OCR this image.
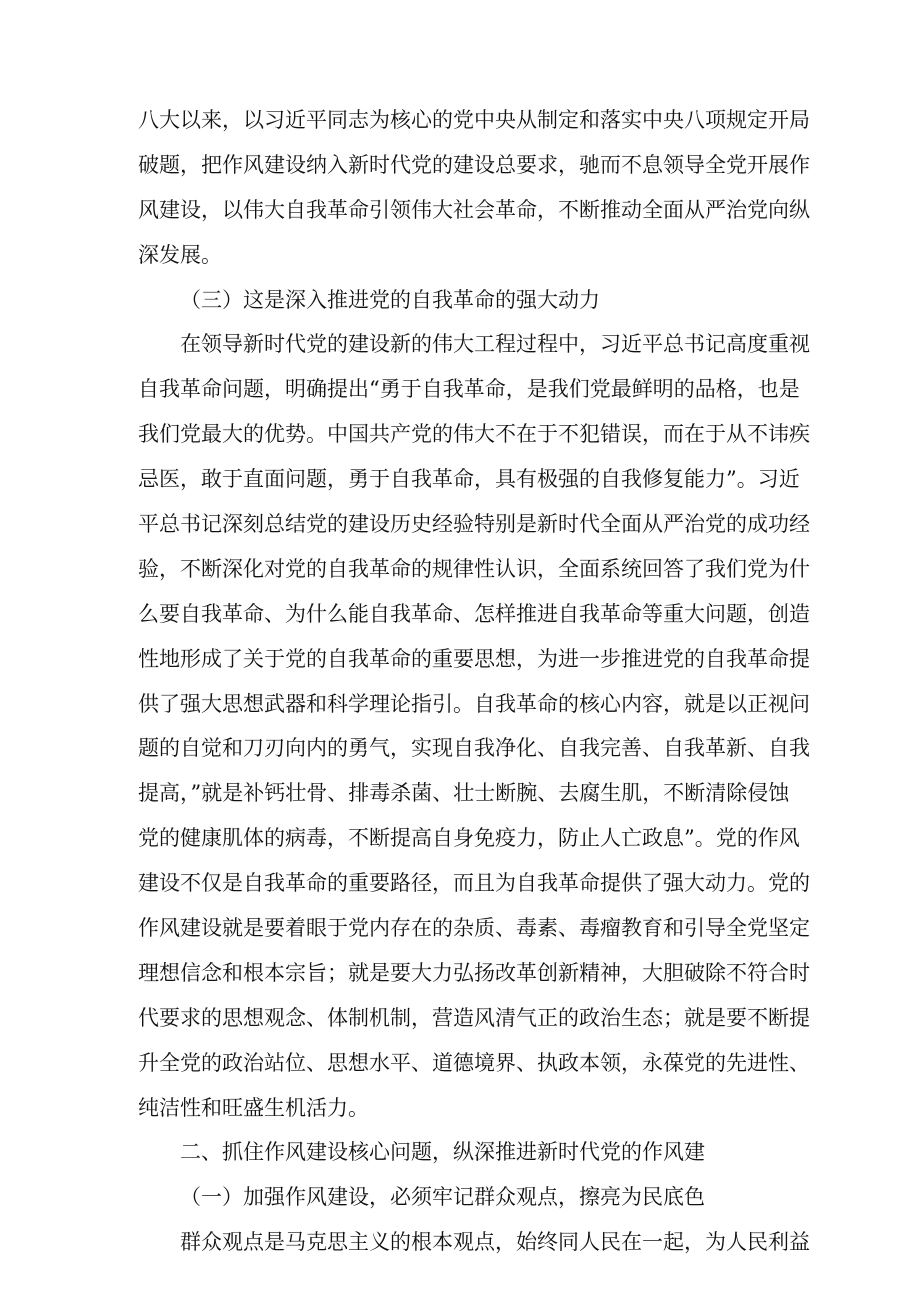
八大以来，以习近平同志为核心的党中央从制定和落实中央八项规定开局
破题，把作风建设纳入新时代党的建设总要求，驰而不息领导全党开展作
风建设，以伟大自我革命引领伟大社会革命，不断推动全面从严治党向纵
深发展。
（三）这是深入推进党的自我革命的强大动力
在领导新时代党的建设新的伟大工程过程中，习近平总书记高度重视
自我革命问题，明确提出“勇于自我革命，是我们党最鲜明的品格，也是
我们党最大的优势。中国共产党的伟大不在于不犯错误，而在于从不讳疾
忌医，敢于直面问题，勇于自我革命，具有极强的自我修复能力”。习近
平总书记深刻总结党的建设历史经验特别是新时代全面从严治党的成功经
验，不断深化对党的自我革命的规律性认识，全面系统回答了我们党为什
么要自我革命、为什么能自我革命、怎样推进自我革命等重大问题，创造
性地形成了关于党的自我革命的重要思想，为进一步推进党的自我革命提
供了强大思想武器和科学理论指引。自我革命的核心内容，就是以正视问
题的自觉和刀刃向内的勇气，实现自我净化、自我完善、自我革新、自我
提高，”就是补钙壮骨、排毒杀菌、壮士断腕、去腐生肌，不断清除侵蚀
党的健康肌体的病毒，不断提高自身免疫力，防止人亡政息”。党的作风
建设不仅是自我革命的重要路径，而且为自我革命提供了强大动力。党的
作风建设就是要着眼于党内存在的杂质、毒素、毒瘤教育和引导全党坚定
理想信念和根本宗旨；就是要大力弘扬改革创新精神，大胆破除不符合时
代要求的思想观念、体制机制，营造风清气正的政治生态；就是要不断提
升全党的政治站位、思想水平、道德境界、执政本领，永葆党的先进性、
纯洁性和旺盛生机活力。
二、抓住作风建设核心问题，纵深推进新时代党的作风建
（一）加强作风建设，必须牢记群众观点，擦亮为民底色
群众观点是马克思主义的根本观点，始终同人民在一起，为人民利益
